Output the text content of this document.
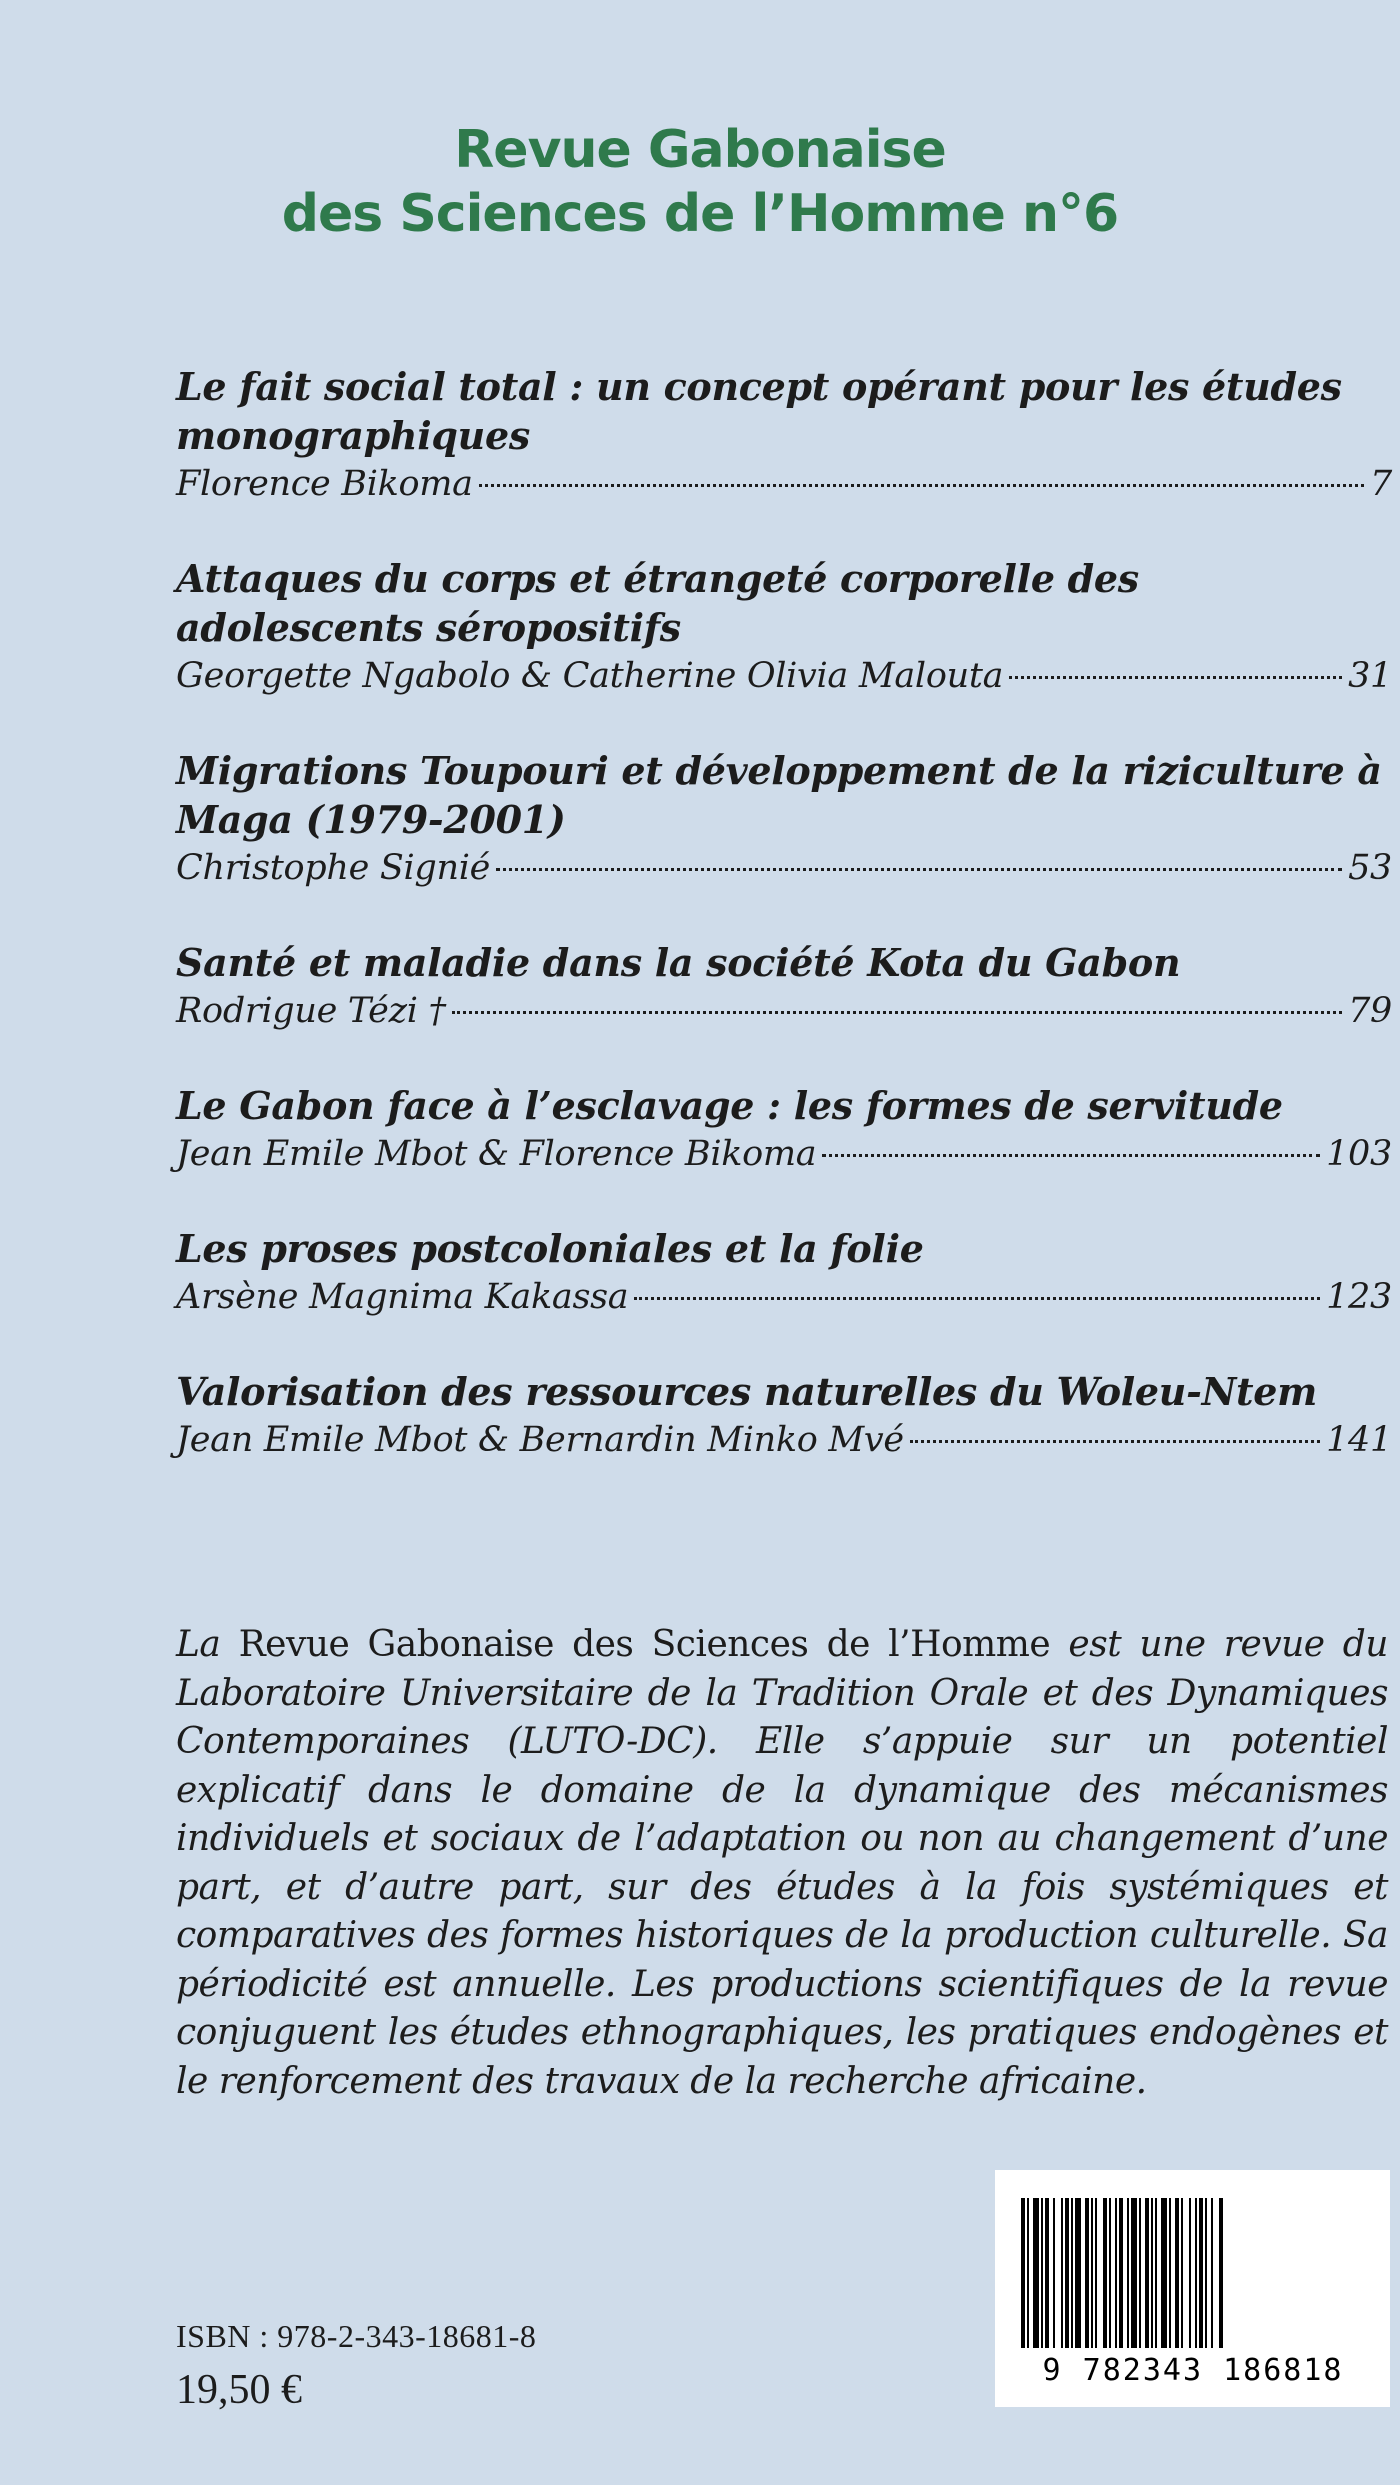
Revue Gabonaise
des Sciences de l’Homme n°6
Le fait social total : un concept opérant pour les études monographiques
Florence Bikoma	7
Attaques du corps et étrangeté corporelle des adolescents séropositifs
Georgette Ngabolo & Catherine Olivia Malouta	31
Migrations Toupouri et développement de la riziculture à Maga (1979-2001)
Christophe Signié	53
Santé et maladie dans la société Kota du Gabon
Rodrigue Tézi †	79
Le Gabon face à l’esclavage : les formes de servitude
Jean Emile Mbot & Florence Bikoma	103
Les proses postcoloniales et la folie
Arsène Magnima Kakassa	123
Valorisation des ressources naturelles du Woleu-Ntem
Jean Emile Mbot & Bernardin Minko Mvé	141

La Revue Gabonaise des Sciences de l’Homme est une revue du Laboratoire Universitaire de la Tradition Orale et des Dynamiques Contemporaines (LUTO-DC). Elle s’appuie sur un potentiel explicatif dans le domaine de la dynamique des mécanismes individuels et sociaux de l’adaptation ou non au changement d’une part, et d’autre part, sur des études à la fois systémiques et comparatives des formes historiques de la production culturelle. Sa périodicité est annuelle. Les productions scientifiques de la revue conjuguent les études ethnographiques, les pratiques endogènes et le renforcement des travaux de la recherche africaine.

ISBN : 978-2-343-18681-8
19,50 €	9 782343 186818
